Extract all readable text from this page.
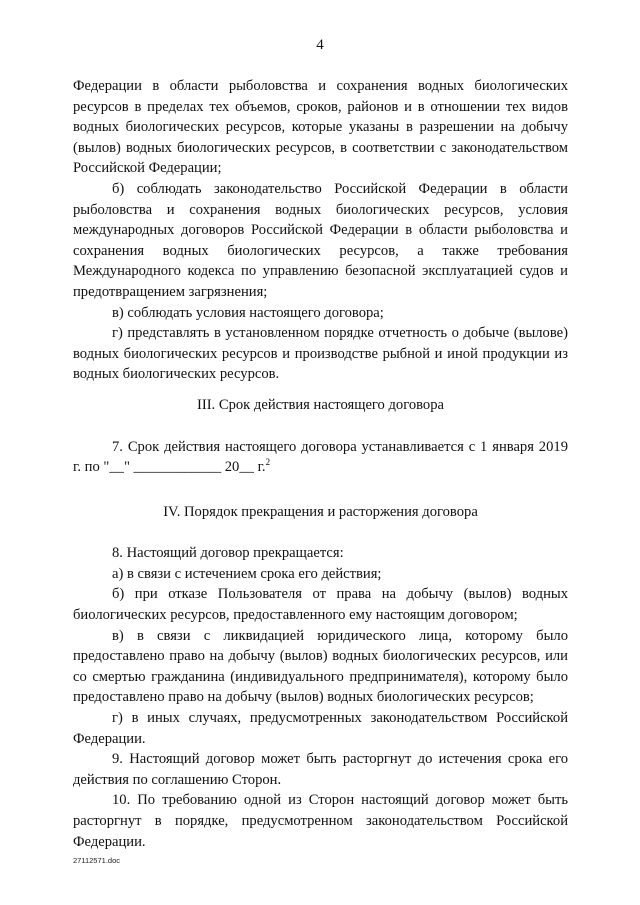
4

Федерации в области рыболовства и сохранения водных биологических ресурсов в пределах тех объемов, сроков, районов и в отношении тех видов водных биологических ресурсов, которые указаны в разрешении на добычу (вылов) водных биологических ресурсов, в соответствии с законодательством Российской Федерации;

б) соблюдать законодательство Российской Федерации в области рыболовства и сохранения водных биологических ресурсов, условия международных договоров Российской Федерации в области рыболовства и сохранения водных биологических ресурсов, а также требования Международного кодекса по управлению безопасной эксплуатацией судов и предотвращением загрязнения;

в) соблюдать условия настоящего договора;

г) представлять в установленном порядке отчетность о добыче (вылове) водных биологических ресурсов и производстве рыбной и иной продукции из водных биологических ресурсов.

III. Срок действия настоящего договора

7. Срок действия настоящего договора устанавливается с 1 января 2019 г. по "__" ____________ 20__ г.$^2$

IV. Порядок прекращения и расторжения договора

8. Настоящий договор прекращается:

а) в связи с истечением срока его действия;

б) при отказе Пользователя от права на добычу (вылов) водных биологических ресурсов, предоставленного ему настоящим договором;

в) в связи с ликвидацией юридического лица, которому было предоставлено право на добычу (вылов) водных биологических ресурсов, или со смертью гражданина (индивидуального предпринимателя), которому было предоставлено право на добычу (вылов) водных биологических ресурсов;

г) в иных случаях, предусмотренных законодательством Российской Федерации.

9. Настоящий договор может быть расторгнут до истечения срока его действия по соглашению Сторон.

10. По требованию одной из Сторон настоящий договор может быть расторгнут в порядке, предусмотренном законодательством Российской Федерации.

27112571.doc
